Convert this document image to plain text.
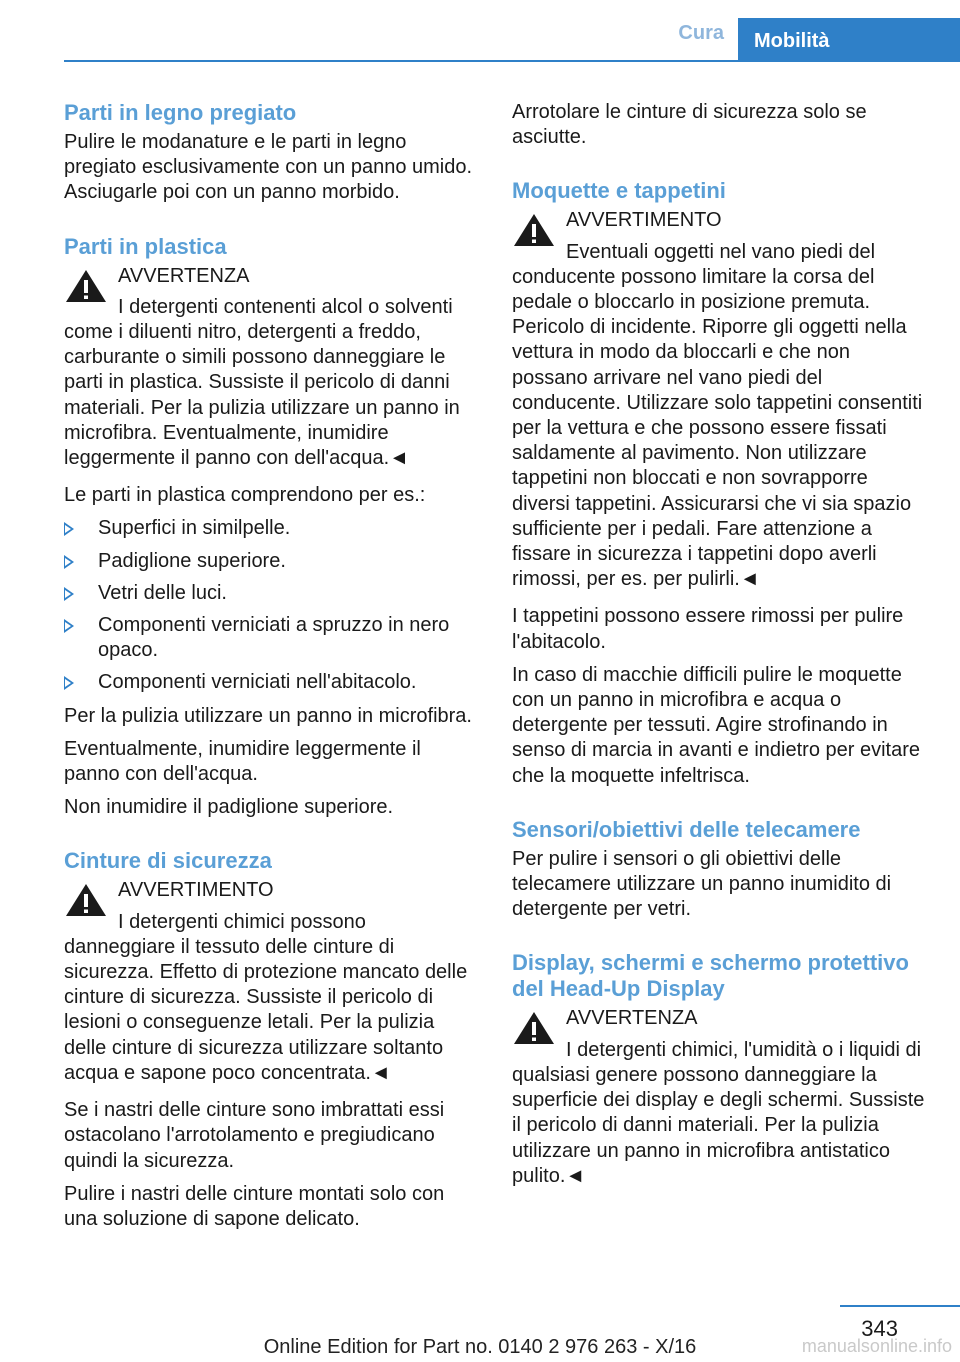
Cura	Mobilità
Parti in legno pregiato

Pulire le modanature e le parti in legno pregiato esclusivamente con un panno umido. Asciugarle poi con un panno morbido.

Parti in plastica
AVVERTENZA
I detergenti contenenti alcol o solventi come i diluenti nitro, detergenti a freddo, carburante o simili possono danneggiare le parti in plastica. Sussiste il pericolo di danni materiali. Per la pulizia utilizzare un panno in microfibra. Eventualmente, inumidire leggermente il panno con dell'acqua.◄

Le parti in plastica comprendono per es.:

Superfici in similpelle.
Padiglione superiore.
Vetri delle luci.
Componenti verniciati a spruzzo in nero opaco.
Componenti verniciati nell'abitacolo.

Per la pulizia utilizzare un panno in microfibra.

Eventualmente, inumidire leggermente il panno con dell'acqua.

Non inumidire il padiglione superiore.

Cinture di sicurezza
AVVERTIMENTO
I detergenti chimici possono danneggiare il tessuto delle cinture di sicurezza. Effetto di protezione mancato delle cinture di sicurezza. Sussiste il pericolo di lesioni o conseguenze letali. Per la pulizia delle cinture di sicurezza utilizzare soltanto acqua e sapone poco concentrata.◄

Se i nastri delle cinture sono imbrattati essi ostacolano l'arrotolamento e pregiudicano quindi la sicurezza.

Pulire i nastri delle cinture montati solo con una soluzione di sapone delicato.

Arrotolare le cinture di sicurezza solo se asciutte.

Moquette e tappetini
AVVERTIMENTO
Eventuali oggetti nel vano piedi del conducente possono limitare la corsa del pedale o bloccarlo in posizione premuta. Pericolo di incidente. Riporre gli oggetti nella vettura in modo da bloccarli e che non possano arrivare nel vano piedi del conducente. Utilizzare solo tappetini consentiti per la vettura e che possono essere fissati saldamente al pavimento. Non utilizzare tappetini non bloccati e non sovrapporre diversi tappetini. Assicurarsi che vi sia spazio sufficiente per i pedali. Fare attenzione a fissare in sicurezza i tappetini dopo averli rimossi, per es. per pulirli.◄

I tappetini possono essere rimossi per pulire l'abitacolo.

In caso di macchie difficili pulire le moquette con un panno in microfibra e acqua o detergente per tessuti. Agire strofinando in senso di marcia in avanti e indietro per evitare che la moquette infeltrisca.

Sensori/obiettivi delle telecamere

Per pulire i sensori o gli obiettivi delle telecamere utilizzare un panno inumidito di detergente per vetri.

Display, schermi e schermo protettivo del Head-Up Display
AVVERTENZA
I detergenti chimici, l'umidità o i liquidi di qualsiasi genere possono danneggiare la superficie dei display e degli schermi. Sussiste il pericolo di danni materiali. Per la pulizia utilizzare un panno in microfibra antistatico pulito.◄
343
Online Edition for Part no. 0140 2 976 263 - X/16	manualsonline.info
